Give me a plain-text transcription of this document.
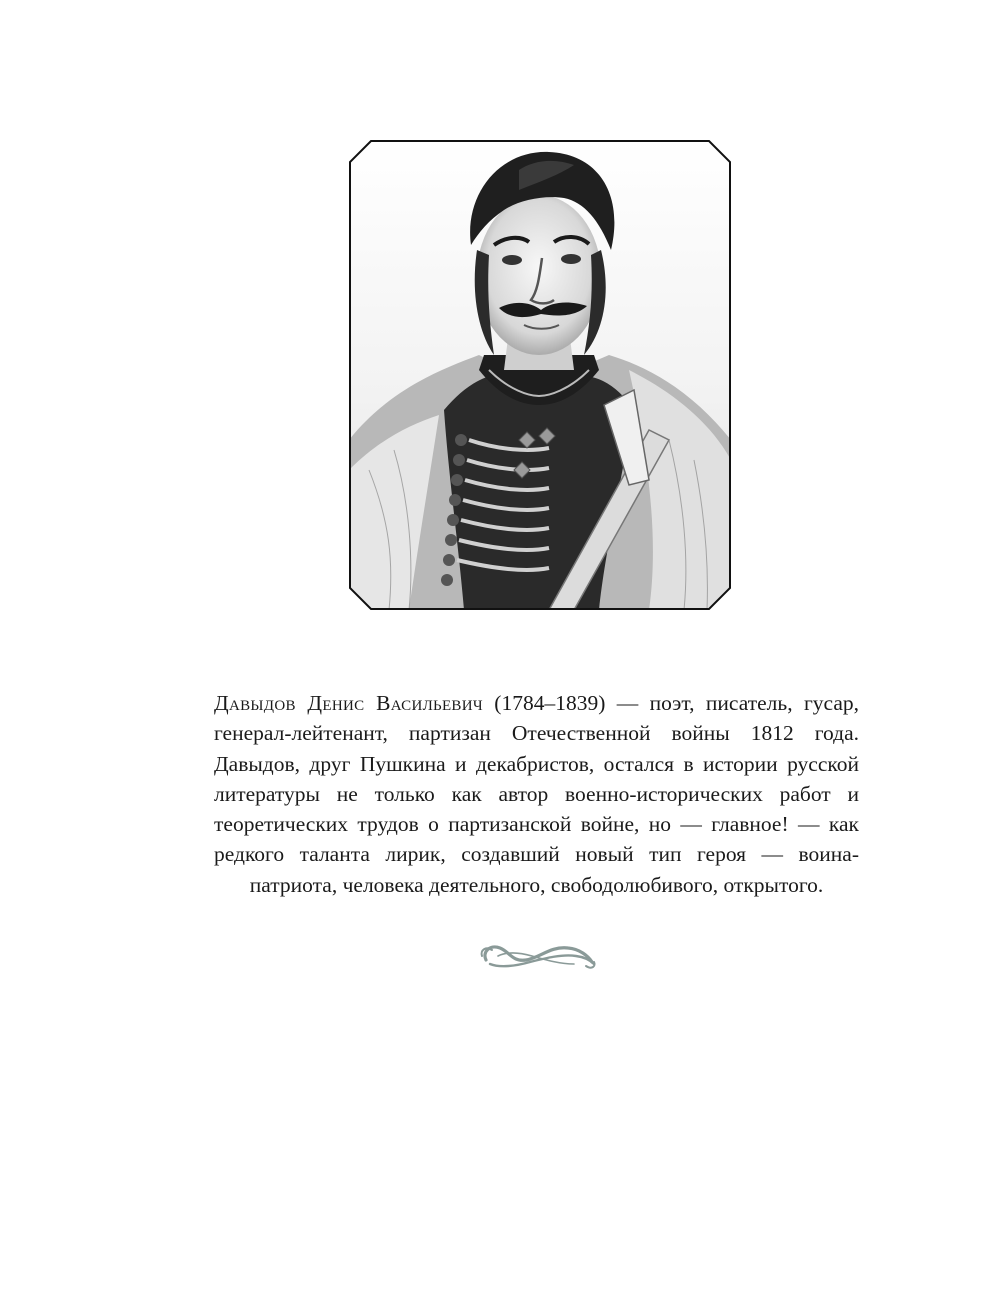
Давыдов Денис Васильевич (1784–1839) — поэт, писатель, гусар, генерал-лейтенант, партизан Отечественной войны 1812 года. Давыдов, друг Пушкина и декабристов, остался в истории русской литературы не только как автор военно-исторических работ и теоретических трудов о партизанской войне, но — главное! — как редкого таланта лирик, создавший новый тип героя — воина-патриота, человека деятельного, свободолюбивого, открытого.
